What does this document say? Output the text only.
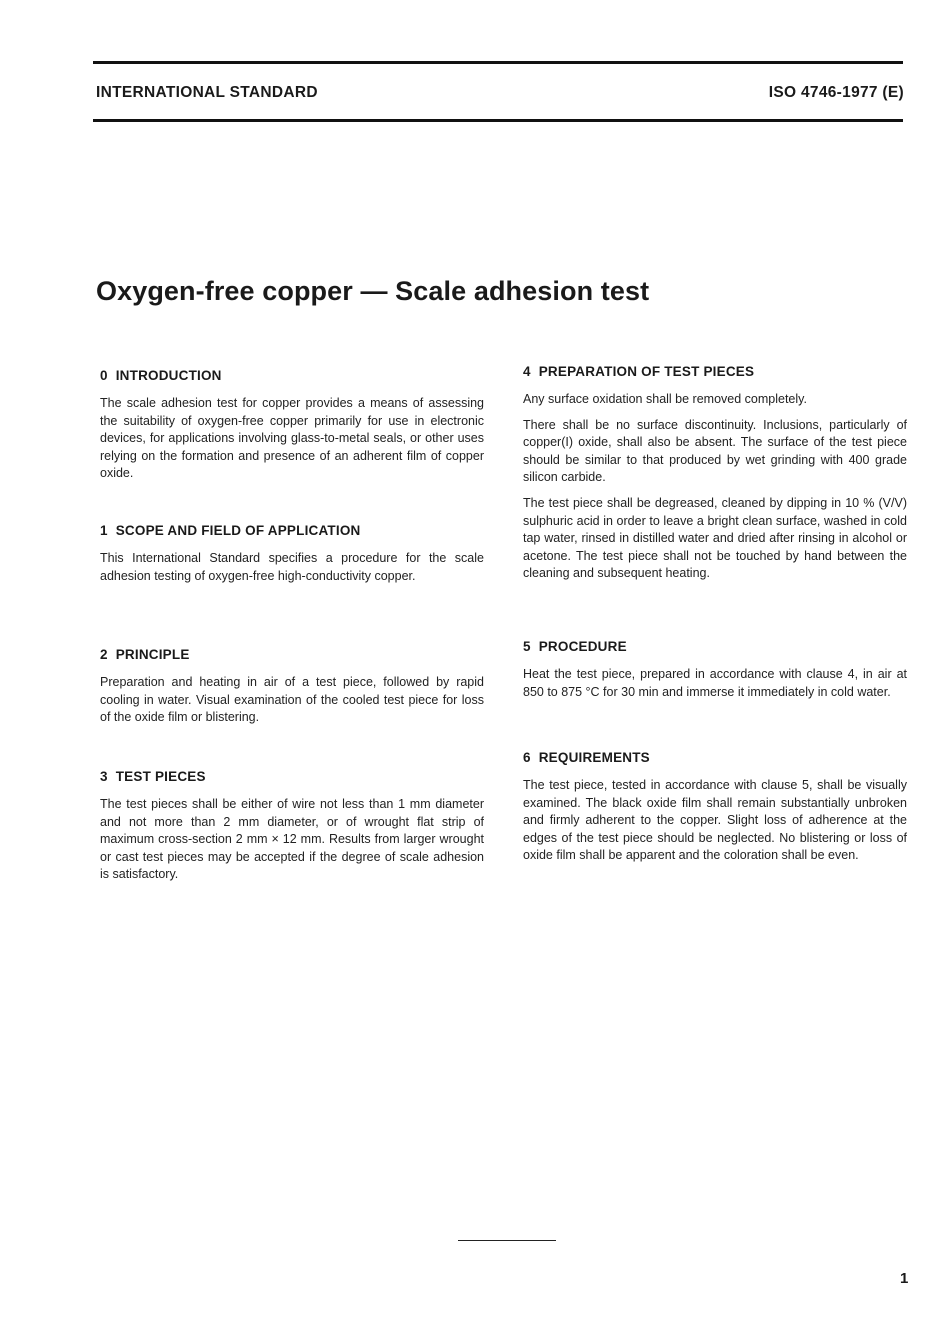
INTERNATIONAL STANDARD	ISO 4746-1977 (E)
Oxygen-free copper — Scale adhesion test
0 INTRODUCTION

The scale adhesion test for copper provides a means of assessing the suitability of oxygen-free copper primarily for use in electronic devices, for applications involving glass-to-metal seals, or other uses relying on the formation and presence of an adherent film of copper oxide.

1 SCOPE AND FIELD OF APPLICATION

This International Standard specifies a procedure for the scale adhesion testing of oxygen-free high-conductivity copper.

2 PRINCIPLE

Preparation and heating in air of a test piece, followed by rapid cooling in water. Visual examination of the cooled test piece for loss of the oxide film or blistering.

3 TEST PIECES

The test pieces shall be either of wire not less than 1 mm diameter and not more than 2 mm diameter, or of wrought flat strip of maximum cross-section 2 mm × 12 mm. Results from larger wrought or cast test pieces may be accepted if the degree of scale adhesion is satisfactory.

4 PREPARATION OF TEST PIECES

Any surface oxidation shall be removed completely.

There shall be no surface discontinuity. Inclusions, particularly of copper(I) oxide, shall also be absent. The surface of the test piece should be similar to that produced by wet grinding with 400 grade silicon carbide.

The test piece shall be degreased, cleaned by dipping in 10 % (V/V) sulphuric acid in order to leave a bright clean surface, washed in cold tap water, rinsed in distilled water and dried after rinsing in alcohol or acetone. The test piece shall not be touched by hand between the cleaning and subsequent heating.

5 PROCEDURE

Heat the test piece, prepared in accordance with clause 4, in air at 850 to 875 °C for 30 min and immerse it immediately in cold water.

6 REQUIREMENTS

The test piece, tested in accordance with clause 5, shall be visually examined. The black oxide film shall remain substantially unbroken and firmly adherent to the copper. Slight loss of adherence at the edges of the test piece should be neglected. No blistering or loss of oxide film shall be apparent and the coloration shall be even.

1
